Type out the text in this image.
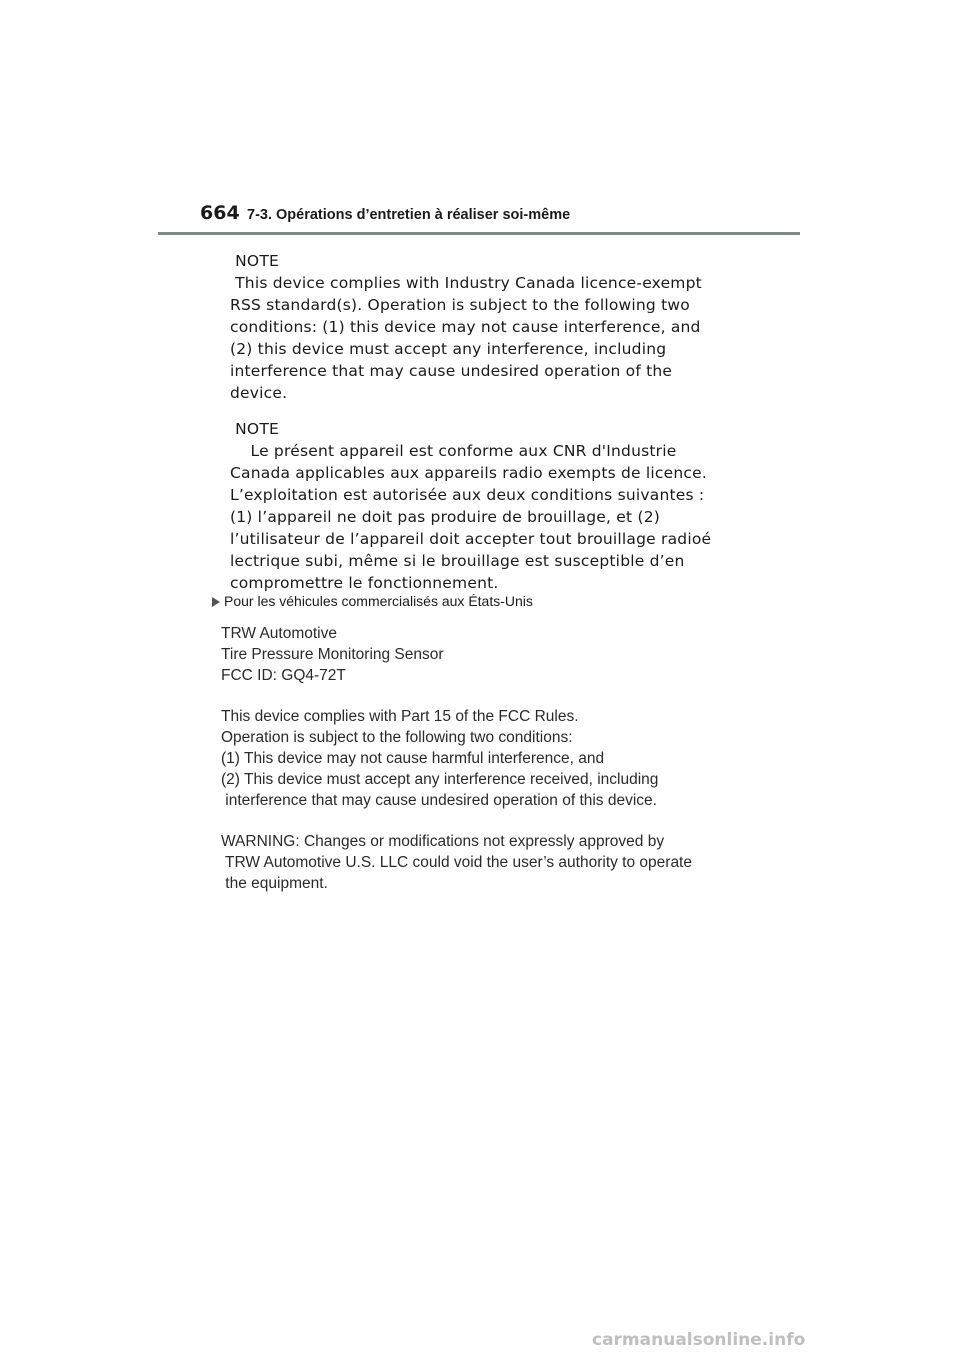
664 7-3. Opérations d’entretien à réaliser soi-même
NOTE
This device complies with Industry Canada licence-exempt
RSS standard(s). Operation is subject to the following two
conditions: (1) this device may not cause interference, and
(2) this device must accept any interference, including
interference that may cause undesired operation of the
device.
NOTE
Le présent appareil est conforme aux CNR d'Industrie
Canada applicables aux appareils radio exempts de licence.
L’exploitation est autorisée aux deux conditions suivantes :
(1) l’appareil ne doit pas produire de brouillage, et (2)
l’utilisateur de l’appareil doit accepter tout brouillage radioé
lectrique subi, même si le brouillage est susceptible d’en
compromettre le fonctionnement.
Pour les véhicules commercialisés aux États-Unis
TRW Automotive
Tire Pressure Monitoring Sensor
FCC ID: GQ4-72T
This device complies with Part 15 of the FCC Rules.
Operation is subject to the following two conditions:
(1) This device may not cause harmful interference, and
(2) This device must accept any interference received, including
interference that may cause undesired operation of this device.
WARNING: Changes or modifications not expressly approved by
TRW Automotive U.S. LLC could void the user’s authority to operate
the equipment.
carmanualsonline.info
